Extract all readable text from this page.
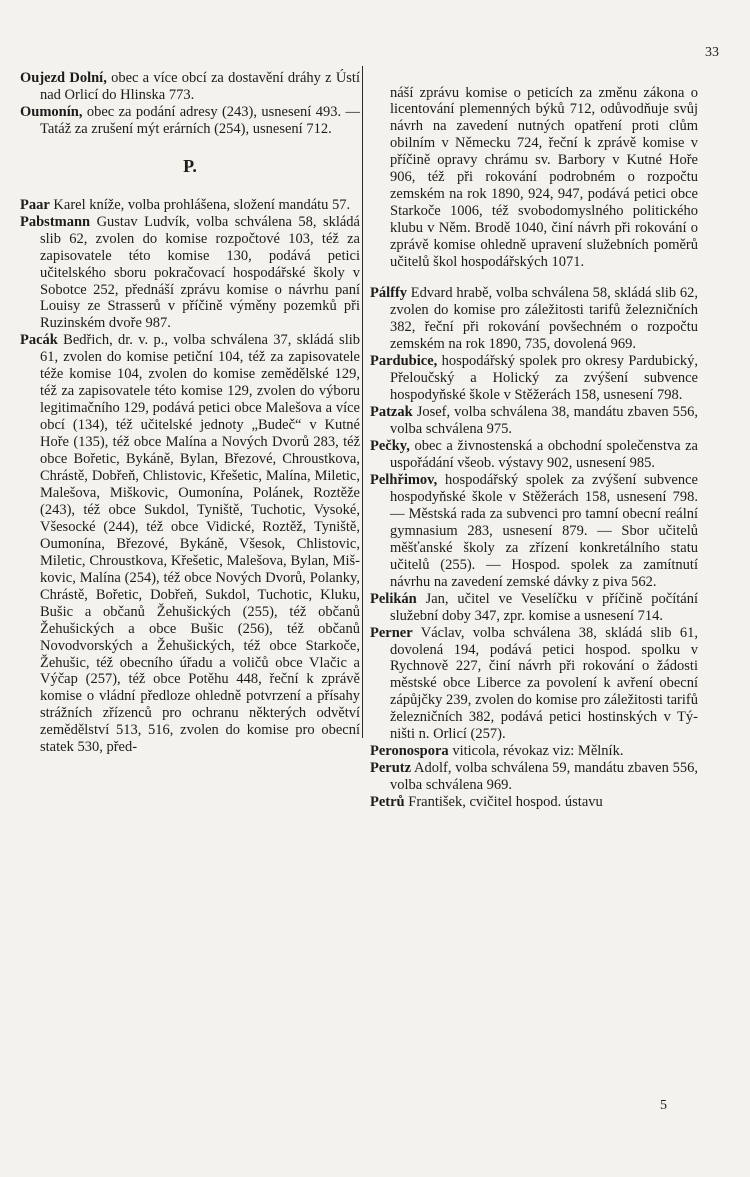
33

Oujezd Dolní, obec a více obcí za dostavění dráhy z Ústí nad Orlicí do Hlinska 773.

Oumonín, obec za podání adresy (243), usnesení 493. — Tatáž za zrušení mýt erárních (254), usnesení 712.

P.

Paar Karel kníže, volba prohlášena, složení mandátu 57.

Pabstmann Gustav Ludvík, volba schválena 58, skládá slib 62, zvolen do komise rozpočtové 103, též za zapisovatele této komise 130, podává petici učitelského sboru pokračovací hospodářské školy v Sobotce 252, přednáší zprávu komise o návrhu paní Louisy ze Strasserů v příčině výměny pozemků při Ruzinském dvoře 987.

Pacák Bedřich, dr. v. p., volba schválena 37, skládá slib 61, zvolen do komise petiční 104, též za zapisovatele téže komise 104, zvolen do komise zemědělské 129, též za zapisovatele této komise 129, zvolen do výboru legitimačního 129, podává petici obce Malešova a více obcí (134), též učitelské jednoty „Budeč“ v Kutné Hoře (135), též obce Malína a Nových Dvorů 283, též obce Bořetic, Bykáně, Bylan, Březové, Chroustkova, Chrástě, Dobřeň, Chlistovic, Křešetic, Malína, Miletic, Malešova, Miškovic, Oumonína, Polánek, Roztěže (243), též obce Sukdol, Tyniště, Tuchotic, Vysoké, Všesocké (244), též obce Vidické, Roztěž, Tyniště, Oumonína, Březové, Bykáně, Všesok, Chlistovic, Miletic, Chroustkova, Křešetic, Malešova, Bylan, Miškovic, Malína (254), též obce Nových Dvorů, Polanky, Chrástě, Bořetic, Dobřeň, Sukdol, Tuchotic, Kluku, Bušic a občanů Žehušických (255), též občanů Žehušických a obce Bušic (256), též občanů Novodvorských a Žehušických, též obce Starkoče, Žehušic, též obecního úřadu a voličů obce Vlačic a Výčap (257), též obce Potěhu 448, řeční k zprávě komise o vládní předloze ohledně potvrzení a přísahy strážních zřízenců pro ochranu některých odvětví zemědělství 513, 516, zvolen do komise pro obecní statek 530, před-

náší zprávu komise o peticích za změnu zákona o licentování plemenných býků 712, odůvodňuje svůj návrh na zavedení nutných opatření proti clům obilním v Německu 724, řeční k zprávě komise v příčině opravy chrámu sv. Barbory v Kutné Hoře 906, též při rokování podrobném o rozpočtu zemském na rok 1890, 924, 947, podává petici obce Starkoče 1006, též svobodomyslného politického klubu v Něm. Brodě 1040, činí návrh při rokování o zprávě komise ohledně upravení služebních poměrů učitelů škol hospodářských 1071.

Pálffy Edvard hrabě, volba schválena 58, skládá slib 62, zvolen do komise pro záležitosti tarifů železničních 382, řeční při rokování povšechném o rozpočtu zemském na rok 1890, 735, dovolená 969.

Pardubice, hospodářský spolek pro okresy Pardubický, Přeloučský a Holický za zvýšení subvence hospodyňské škole v Stěžerách 158, usnesení 798.

Patzak Josef, volba schválena 38, mandátu zbaven 556, volba schválena 975.

Pečky, obec a živnostenská a obchodní společenstva za uspořádání všeob. výstavy 902, usnesení 985.

Pelhřimov, hospodářský spolek za zvýšení subvence hospodyňské škole v Stěžerách 158, usnesení 798. — Městská rada za subvenci pro tamní obecní reální gymnasium 283, usnesení 879. — Sbor učitelů měšťanské školy za zřízení konkretálního statu učitelů (255). — Hospod. spolek za zamítnutí návrhu na zavedení zemské dávky z piva 562.

Pelikán Jan, učitel ve Veselíčku v příčině počítání služební doby 347, zpr. komise a usnesení 714.

Perner Václav, volba schválena 38, skládá slib 61, dovolená 194, podává petici hospod. spolku v Rychnově 227, činí návrh při rokování o žádosti městské obce Liberce za povolení k avření obecní zápůjčky 239, zvolen do komise pro záležitosti tarifů železničních 382, podává petici hostinských v Týništi n. Orlicí (257).

Peronospora viticola, révokaz viz: Mělník.

Perutz Adolf, volba schválena 59, mandátu zbaven 556, volba schválena 969.

Petrů František, cvičitel hospod. ústavu

5
